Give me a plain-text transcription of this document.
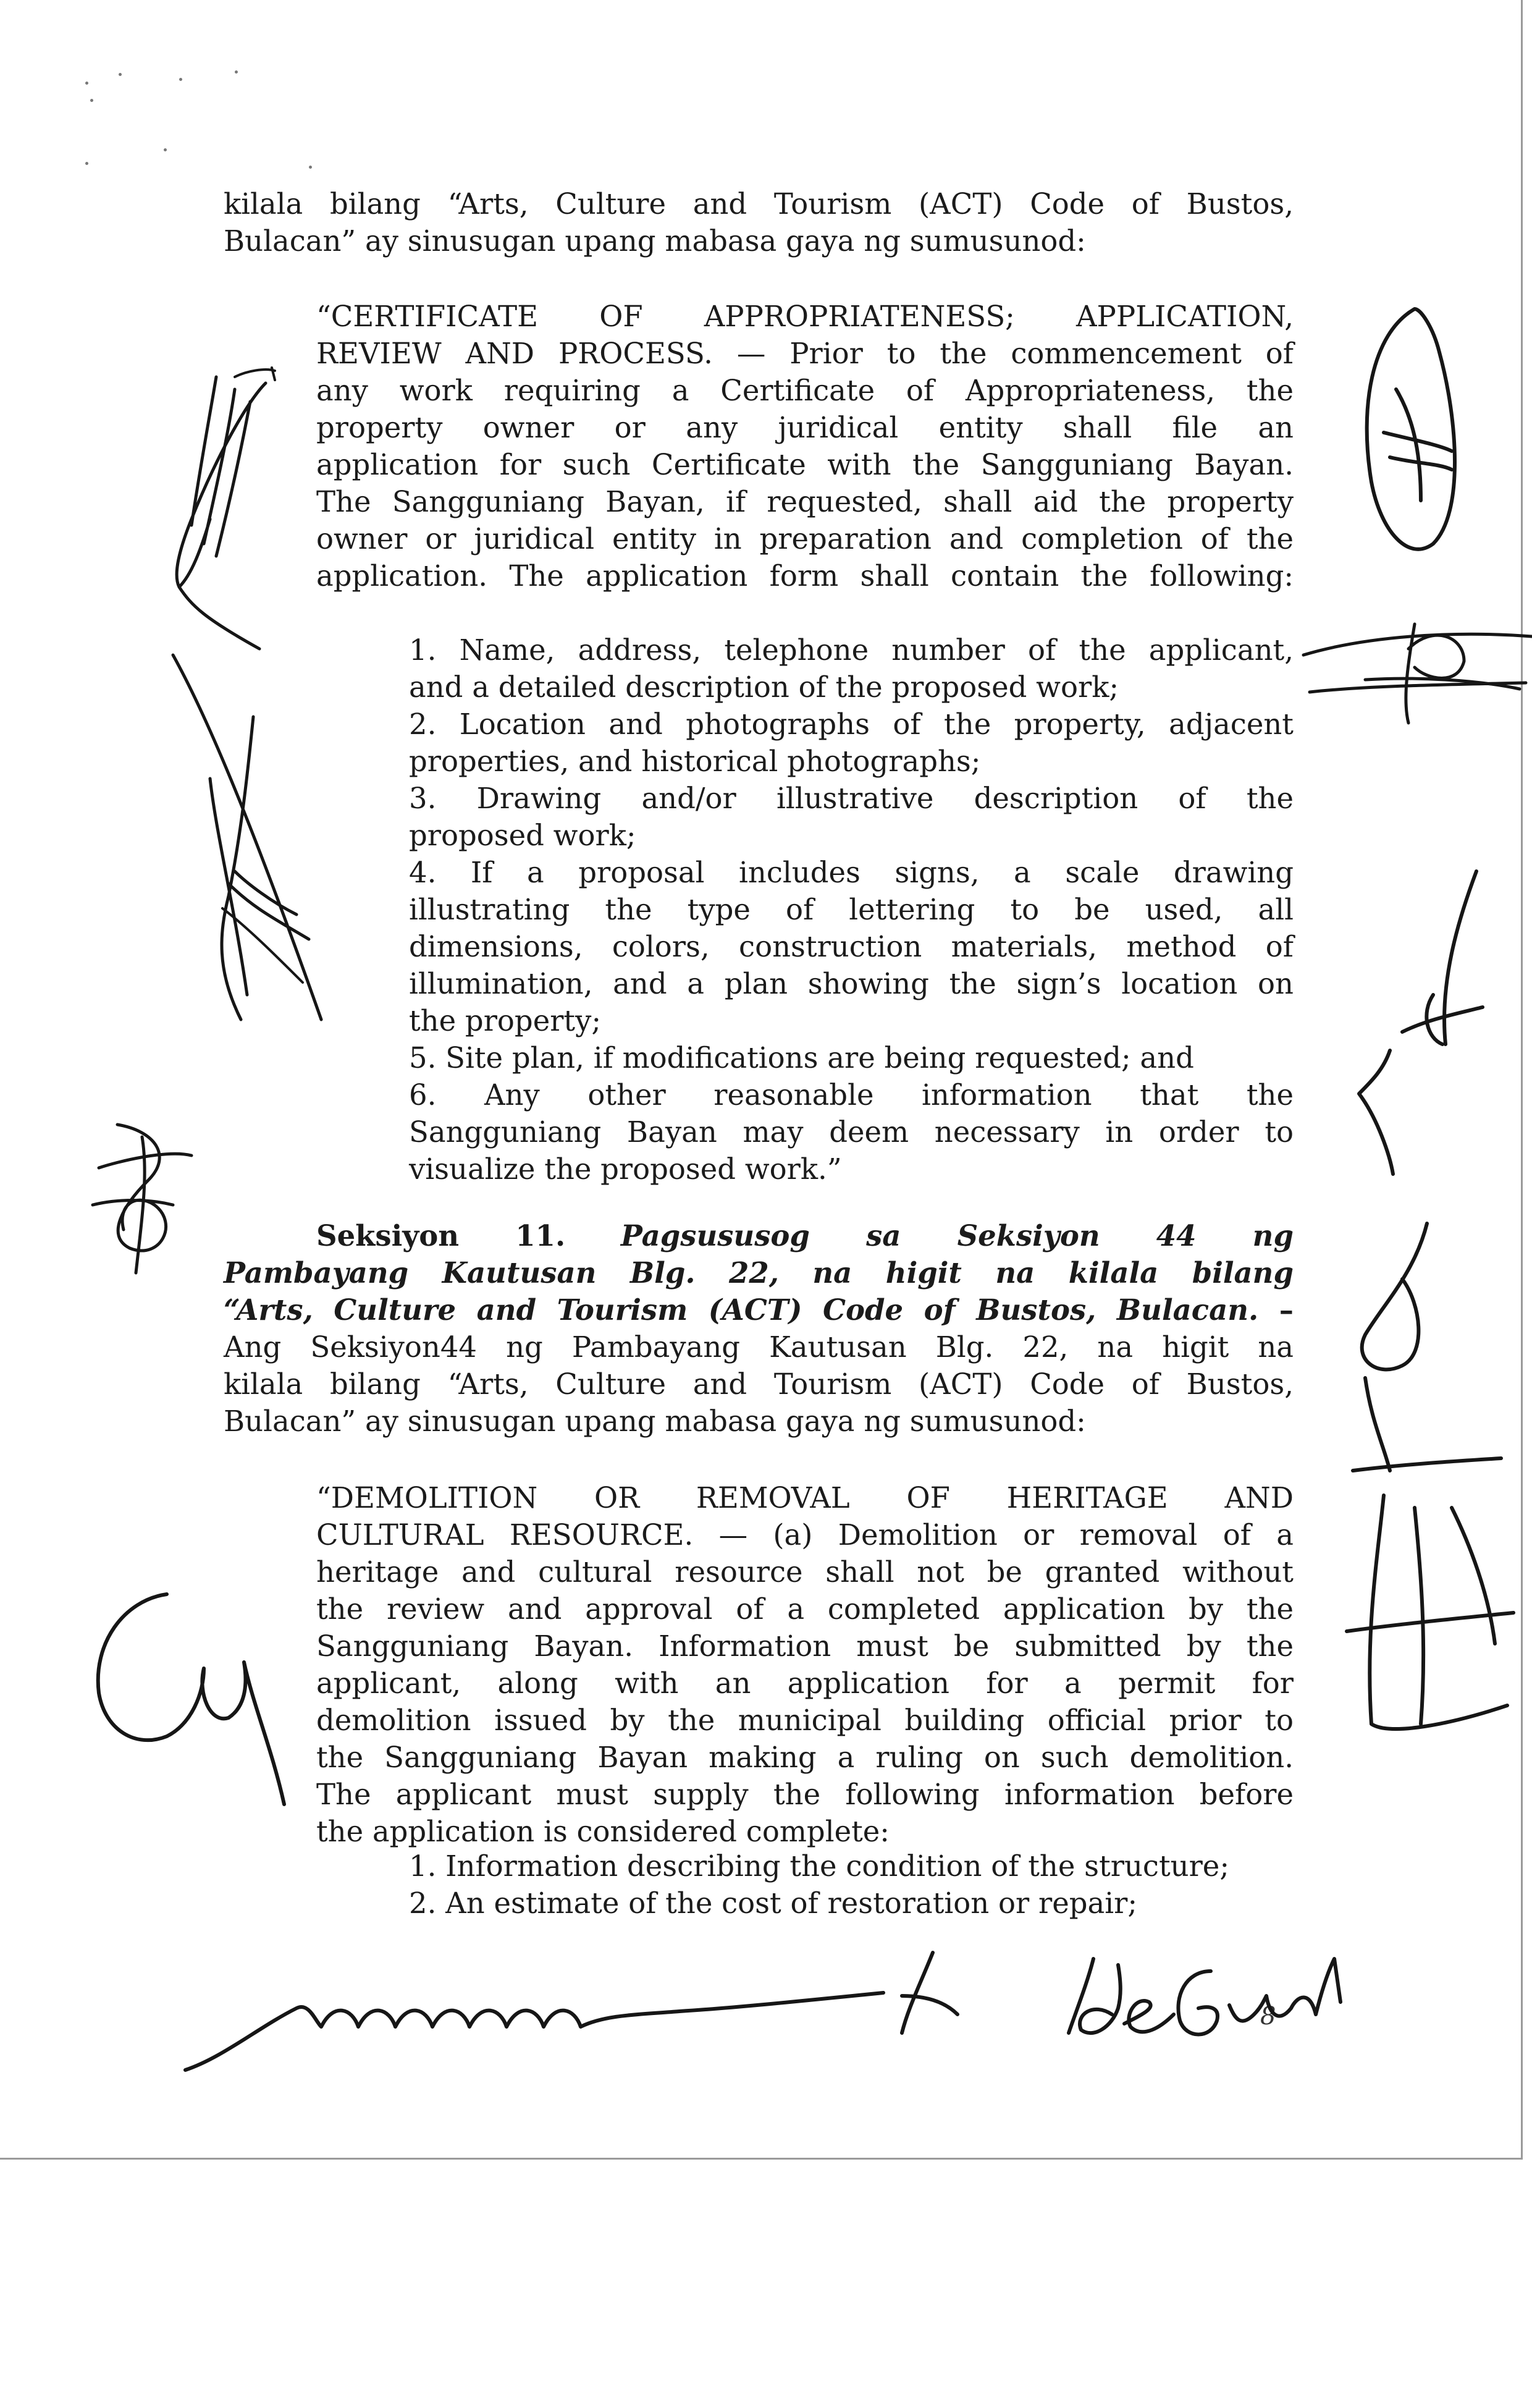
kilala bilang “Arts, Culture and Tourism (ACT) Code of Bustos,

Bulacan” ay sinusugan upang mabasa gaya ng sumusunod:

“CERTIFICATE OF APPROPRIATENESS; APPLICATION,

REVIEW AND PROCESS. — Prior to the commencement of

any work requiring a Certificate of Appropriateness, the

property owner or any juridical entity shall file an

application for such Certificate with the Sangguniang Bayan.

The Sangguniang Bayan, if requested, shall aid the property

owner or juridical entity in preparation and completion of the

application. The application form shall contain the following:

1. Name, address, telephone number of the applicant,

and a detailed description of the proposed work;

2. Location and photographs of the property, adjacent

properties, and historical photographs;

3. Drawing and/or illustrative description of the

proposed work;

4. If a proposal includes signs, a scale drawing

illustrating the type of lettering to be used, all

dimensions, colors, construction materials, method of

illumination, and a plan showing the sign’s location on

the property;

5. Site plan, if modifications are being requested; and

6. Any other reasonable information that the

Sangguniang Bayan may deem necessary in order to

visualize the proposed work.”

Seksiyon 11. Pagsususog sa Seksiyon 44 ng

Pambayang Kautusan Blg. 22, na higit na kilala bilang

“Arts, Culture and Tourism (ACT) Code of Bustos, Bulacan. –

Ang Seksiyon44 ng Pambayang Kautusan Blg. 22, na higit na

kilala bilang “Arts, Culture and Tourism (ACT) Code of Bustos,

Bulacan” ay sinusugan upang mabasa gaya ng sumusunod:

“DEMOLITION OR REMOVAL OF HERITAGE AND

CULTURAL RESOURCE. — (a) Demolition or removal of a

heritage and cultural resource shall not be granted without

the review and approval of a completed application by the

Sangguniang Bayan. Information must be submitted by the

applicant, along with an application for a permit for

demolition issued by the municipal building official prior to

the Sangguniang Bayan making a ruling on such demolition.

The applicant must supply the following information before

the application is considered complete:

1. Information describing the condition of the structure;

2. An estimate of the cost of restoration or repair;

8
